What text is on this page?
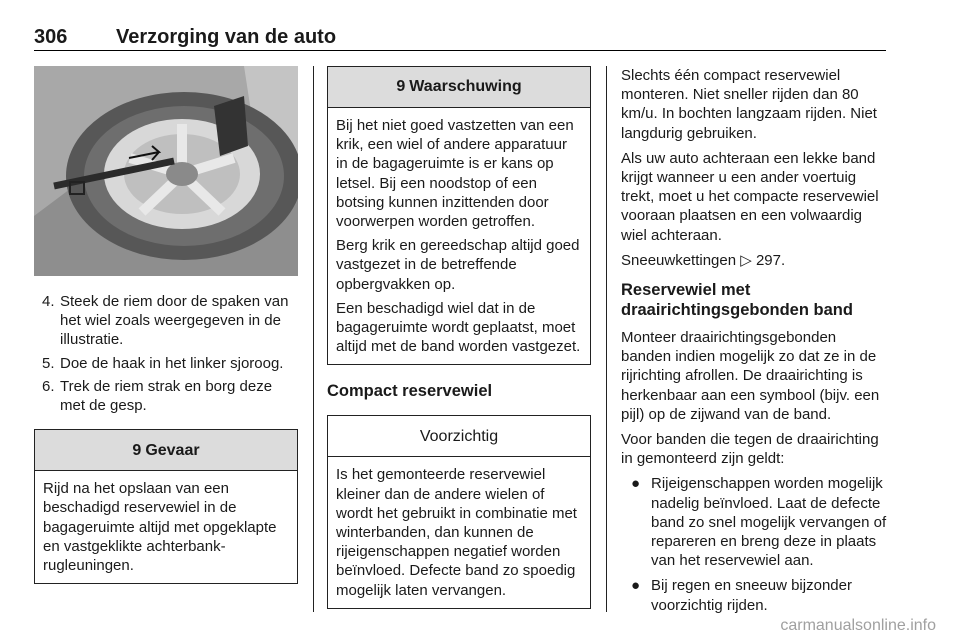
306 Verzorging van de auto
4. Steek de riem door de spaken van het wiel zoals weergegeven in de illustratie.
5. Doe de haak in het linker sjoroog.
6. Trek de riem strak en borg deze met de gesp.
9 Gevaar

Rijd na het opslaan van een beschadigd reservewiel in de bagageruimte altijd met opgeklapte en vastgeklikte achterbankrugleuningen.

9 Waarschuwing

Bij het niet goed vastzetten van een krik, een wiel of andere apparatuur in de bagageruimte is er kans op letsel. Bij een noodstop of een botsing kunnen inzittenden door voorwerpen worden getroffen.

Berg krik en gereedschap altijd goed vastgezet in de betreffende opbergvakken op.

Een beschadigd wiel dat in de bagageruimte wordt geplaatst, moet altijd met de band worden vastgezet.

Compact reservewiel
Voorzichtig

Is het gemonteerde reservewiel kleiner dan de andere wielen of wordt het gebruikt in combinatie met winterbanden, dan kunnen de rijeigenschappen negatief worden beïnvloed. Defecte band zo spoedig mogelijk laten vervangen.

Slechts één compact reservewiel monteren. Niet sneller rijden dan 80 km/u. In bochten langzaam rijden. Niet langdurig gebruiken.

Als uw auto achteraan een lekke band krijgt wanneer u een ander voertuig trekt, moet u het compacte reservewiel vooraan plaatsen en een volwaardig wiel achteraan.

Sneeuwkettingen ▷ 297.

Reservewiel met draairichtingsgebonden band

Monteer draairichtingsgebonden banden indien mogelijk zo dat ze in de rijrichting afrollen. De draairichting is herkenbaar aan een symbool (bijv. een pijl) op de zijwand van de band.

Voor banden die tegen de draairichting in gemonteerd zijn geldt:

● Rijeigenschappen worden mogelijk nadelig beïnvloed. Laat de defecte band zo snel mogelijk vervangen of repareren en breng deze in plaats van het reservewiel aan.
● Bij regen en sneeuw bijzonder voorzichtig rijden.
carmanualsonline.info
